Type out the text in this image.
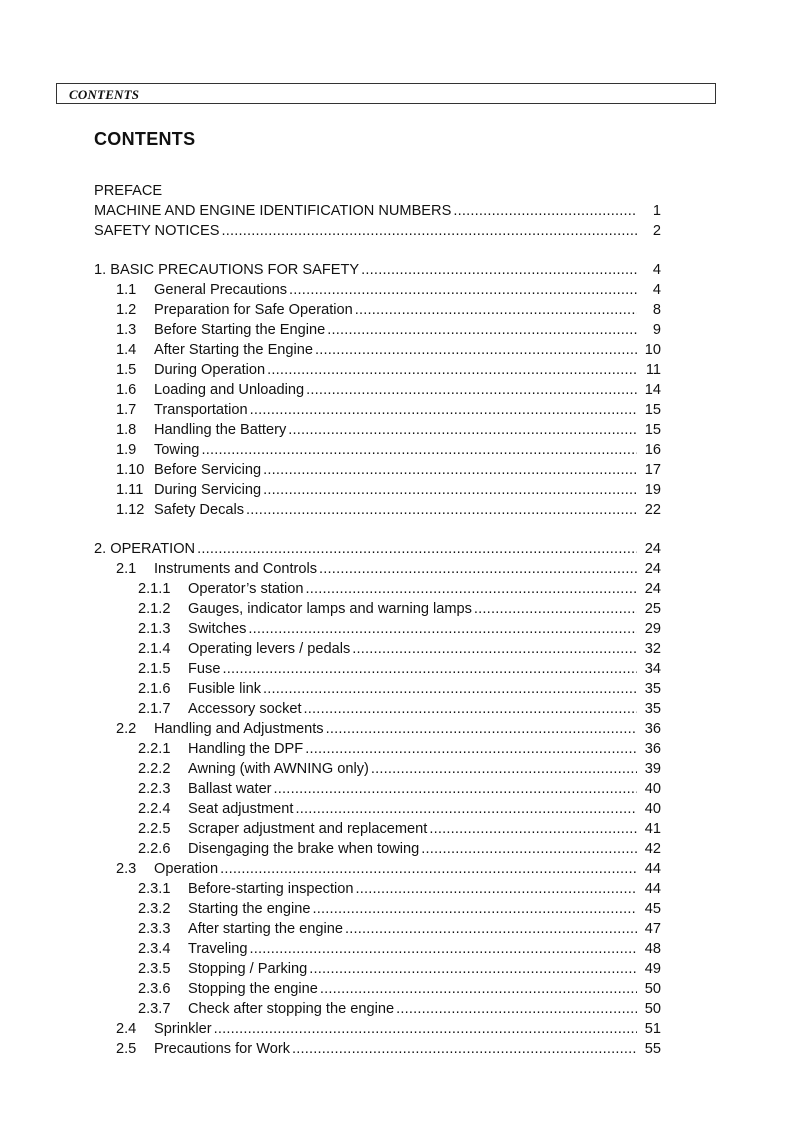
CONTENTS
CONTENTS
PREFACE
MACHINE AND ENGINE IDENTIFICATION NUMBERS .....	1
SAFETY NOTICES .....	2
1. BASIC PRECAUTIONS FOR SAFETY .....	4
1.1	General Precautions .....	4
1.2	Preparation for Safe Operation .....	8
1.3	Before Starting the Engine .....	9
1.4	After Starting the Engine .....	10
1.5	During Operation .....	11
1.6	Loading and Unloading .....	14
1.7	Transportation .....	15
1.8	Handling the Battery .....	15
1.9	Towing .....	16
1.10 Before Servicing .....	17
1.11 During Servicing .....	19
1.12 Safety Decals .....	22
2. OPERATION .....	24
2.1	Instruments and Controls .....	24
2.1.1	Operator’s station .....	24
2.1.2	Gauges, indicator lamps and warning lamps .....	25
2.1.3	Switches .....	29
2.1.4	Operating levers / pedals .....	32
2.1.5	Fuse .....	34
2.1.6	Fusible link .....	35
2.1.7	Accessory socket .....	35
2.2	Handling and Adjustments .....	36
2.2.1	Handling the DPF .....	36
2.2.2	Awning (with AWNING only) .....	39
2.2.3	Ballast water .....	40
2.2.4	Seat adjustment .....	40
2.2.5	Scraper adjustment and replacement .....	41
2.2.6	Disengaging the brake when towing .....	42
2.3	Operation .....	44
2.3.1	Before-starting inspection .....	44
2.3.2	Starting the engine .....	45
2.3.3	After starting the engine .....	47
2.3.4	Traveling .....	48
2.3.5	Stopping / Parking .....	49
2.3.6	Stopping the engine .....	50
2.3.7	Check after stopping the engine .....	50
2.4	Sprinkler .....	51
2.5	Precautions for Work .....	55
